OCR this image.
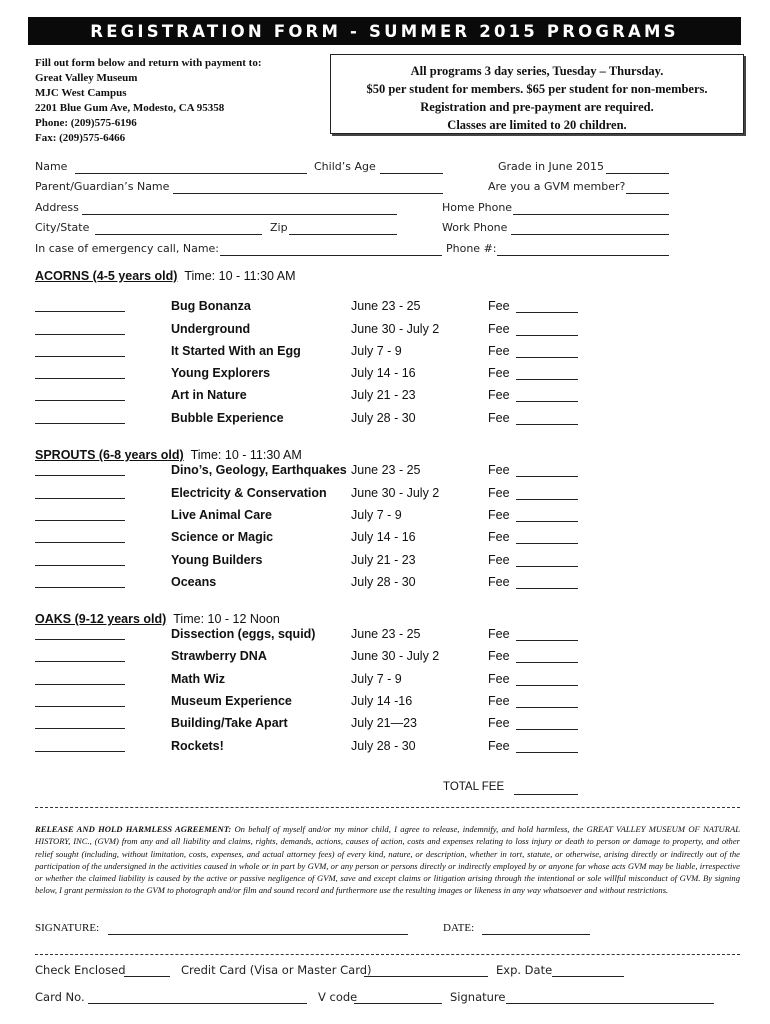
REGISTRATION FORM - SUMMER 2015 PROGRAMS
Fill out form below and return with payment to:
Great Valley Museum
MJC West Campus
2201 Blue Gum Ave, Modesto, CA 95358
Phone: (209)575-6196
Fax: (209)575-6466
All programs 3 day series, Tuesday – Thursday.
$50 per student for members. $65 per student for non-members.
Registration and pre-payment are required.
Classes are limited to 20 children.
Name	Child’s Age	Grade in June 2015
Parent/Guardian’s Name	Are you a GVM member?
Address	Home Phone
City/State	Zip	Work Phone
In case of emergency call, Name:	Phone #:
ACORNS (4-5 years old) Time: 10 - 11:30 AM
Bug Bonanza	June 23 - 25	Fee
Underground	June 30 - July 2	Fee
It Started With an Egg	July 7 - 9	Fee
Young Explorers	July 14 - 16	Fee
Art in Nature	July 21 - 23	Fee
Bubble Experience	July 28 - 30	Fee
SPROUTS (6-8 years old) Time: 10 - 11:30 AM
Dino’s, Geology, Earthquakes June 23 - 25	Fee
Electricity & Conservation June 30 - July 2	Fee
Live Animal Care	July 7 - 9	Fee
Science or Magic	July 14 - 16	Fee
Young Builders	July 21 - 23	Fee
Oceans	July 28 - 30	Fee
OAKS (9-12 years old) Time: 10 - 12 Noon
Dissection (eggs, squid)	June 23 - 25	Fee
Strawberry DNA	June 30 - July 2	Fee
Math Wiz	July 7 - 9	Fee
Museum Experience	July 14 -16	Fee
Building/Take Apart	July 21—23	Fee
Rockets!	July 28 - 30	Fee
TOTAL FEE
RELEASE AND HOLD HARMLESS AGREEMENT: On behalf of myself and/or my minor child, I agree to release, indemnify, and hold harmless, the GREAT VALLEY MUSEUM OF NATURAL HISTORY, INC., (GVM) from any and all liability and claims, rights, demands, actions, causes of action, costs and expenses relating to loss injury or death to person or damage to property, and other relief sought (including, without limitation, costs, expenses, and actual attorney fees) of every kind, nature, or description, whether in tort, statute, or otherwise, arising directly or indirectly out of the participation of the undersigned in the activities caused in whole or in part by GVM, or any person or persons directly or indirectly employed by or anyone for whose acts GVM may be liable, irrespective or whether the claimed liability is caused by the active or passive negligence of GVM, save and except claims or litigation arising through the intentional or sole willful misconduct of GVM. By signing below, I grant permission to the GVM to photograph and/or film and sound record and furthermore use the resulting images or likeness in any way whatsoever and without restrictions.
SIGNATURE:	DATE:
Check Enclosed	Credit Card (Visa or Master Card)	Exp. Date
Card No.	V code	Signature
